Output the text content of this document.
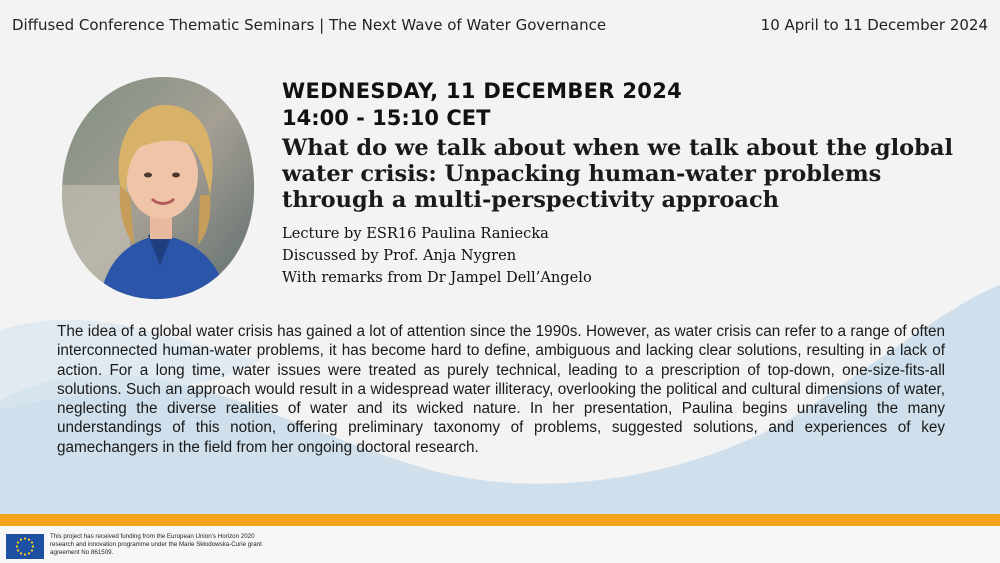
Diffused Conference Thematic Seminars | The Next Wave of Water Governance	10 April to 11 December 2024
WEDNESDAY, 11 DECEMBER 2024
14:00 - 15:10 CET
What do we talk about when we talk about the global water crisis: Unpacking human-water problems through a multi-perspectivity approach
Lecture by ESR16 Paulina Raniecka
Discussed by Prof. Anja Nygren
With remarks from Dr Jampel Dell’Angelo
The idea of a global water crisis has gained a lot of attention since the 1990s. However, as water crisis can refer to a range of often interconnected human-water problems, it has become hard to define, ambiguous and lacking clear solutions, resulting in a lack of action. For a long time, water issues were treated as purely technical, leading to a prescription of top-down, one-size-fits-all solutions. Such an approach would result in a widespread water illiteracy, overlooking the political and cultural dimensions of water, neglecting the diverse realities of water and its wicked nature. In her presentation, Paulina begins unraveling the many understandings of this notion, offering preliminary taxonomy of problems, suggested solutions, and experiences of key gamechangers in the field from her ongoing doctoral research.
This project has received funding from the European Union’s Horizon 2020 research and innovation programme under the Marie Skłodowska-Curie grant agreement No 861509.
